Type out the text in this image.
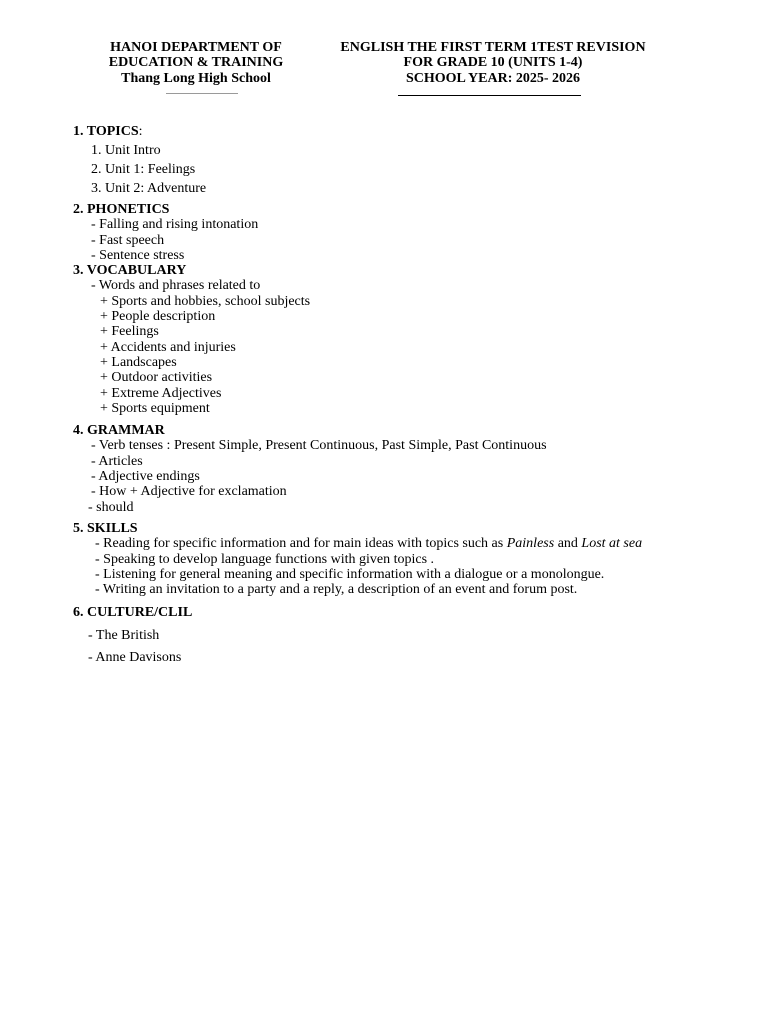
HANOI DEPARTMENT OF
EDUCATION & TRAINING
Thang Long High School
ENGLISH THE FIRST TERM 1TEST REVISION
FOR GRADE 10 (UNITS 1-4)
SCHOOL YEAR: 2025- 2026
1. TOPICS:
1. Unit Intro
2. Unit 1: Feelings
3. Unit 2: Adventure
2. PHONETICS
- Falling and rising intonation
- Fast speech
- Sentence stress
3. VOCABULARY
- Words and phrases related to
+ Sports and hobbies, school subjects
+ People description
+ Feelings
+ Accidents and injuries
+ Landscapes
+ Outdoor activities
+ Extreme Adjectives
+ Sports equipment
4. GRAMMAR
- Verb tenses : Present Simple, Present Continuous, Past Simple, Past Continuous
- Articles
- Adjective endings
- How + Adjective for exclamation
- should
5. SKILLS
- Reading for specific information and for main ideas with topics such as Painless and Lost at sea
- Speaking to develop language functions with given topics .
- Listening for general meaning and specific information with a dialogue or a monolongue.
- Writing an invitation to a party and a reply, a description of an event and forum post.
6. CULTURE/CLIL
- The British
- Anne Davisons
